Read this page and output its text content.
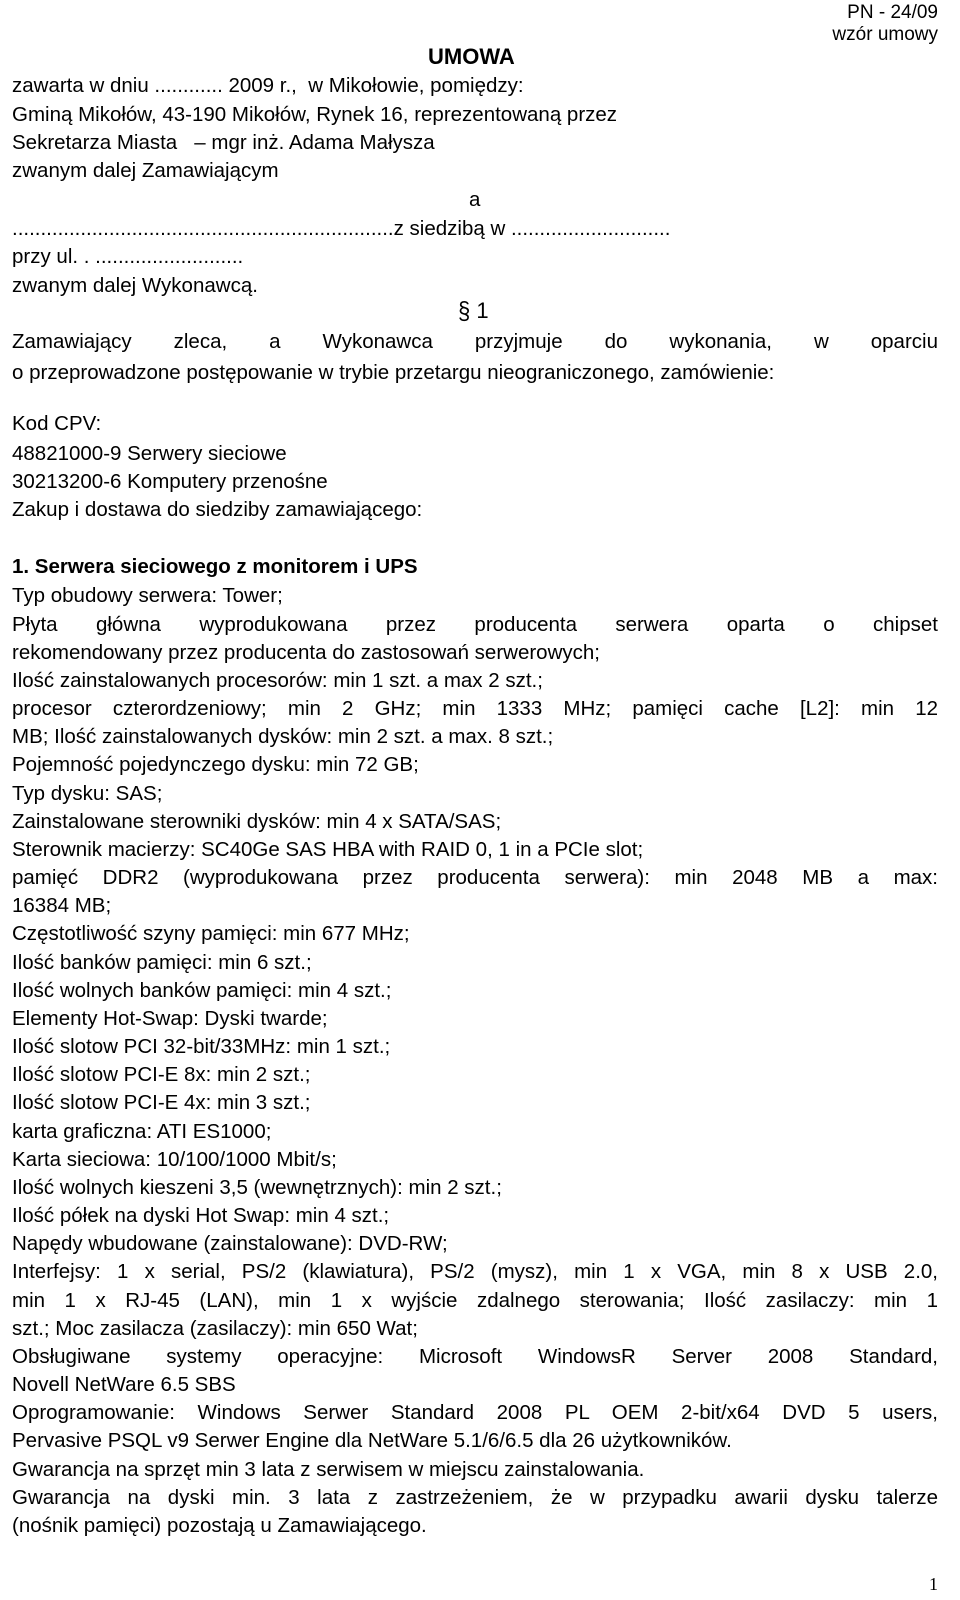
PN - 24/09
wzór umowy
UMOWA
zawarta w dniu ............ 2009 r.,  w Mikołowie, pomiędzy:
Gminą Mikołów, 43-190 Mikołów, Rynek 16, reprezentowaną przez
Sekretarza Miasta   – mgr inż. Adama Małysza
zwanym dalej Zamawiającym
a
...................................................................z siedzibą w ............................
przy ul. . ..........................
zwanym dalej Wykonawcą.
§ 1
Zamawiający zleca, a Wykonawca przyjmuje do wykonania, w oparciu
o przeprowadzone postępowanie w trybie przetargu nieograniczonego, zamówienie:
Kod CPV:
48821000-9 Serwery sieciowe
30213200-6 Komputery przenośne
Zakup i dostawa do siedziby zamawiającego:
1. Serwera sieciowego z monitorem i UPS
Typ obudowy serwera: Tower;
Płyta główna wyprodukowana przez producenta serwera oparta o chipset
rekomendowany przez producenta do zastosowań serwerowych;
Ilość zainstalowanych procesorów: min 1 szt. a max 2 szt.;
procesor czterordzeniowy; min 2 GHz; min 1333 MHz; pamięci cache [L2]: min 12
MB; Ilość zainstalowanych dysków: min 2 szt. a max. 8 szt.;
Pojemność pojedynczego dysku: min 72 GB;
Typ dysku: SAS;
Zainstalowane sterowniki dysków: min 4 x SATA/SAS;
Sterownik macierzy: SC40Ge SAS HBA with RAID 0, 1 in a PCIe slot;
pamięć DDR2 (wyprodukowana przez producenta serwera): min 2048 MB a max:
16384 MB;
Częstotliwość szyny pamięci: min 677 MHz;
Ilość banków pamięci: min 6 szt.;
Ilość wolnych banków pamięci: min 4 szt.;
Elementy Hot-Swap: Dyski twarde;
Ilość slotow PCI 32-bit/33MHz: min 1 szt.;
Ilość slotow PCI-E 8x: min 2 szt.;
Ilość slotow PCI-E 4x: min 3 szt.;
karta graficzna: ATI ES1000;
Karta sieciowa: 10/100/1000 Mbit/s;
Ilość wolnych kieszeni 3,5 (wewnętrznych): min 2 szt.;
Ilość półek na dyski Hot Swap: min 4 szt.;
Napędy wbudowane (zainstalowane): DVD-RW;
Interfejsy: 1 x serial, PS/2 (klawiatura), PS/2 (mysz), min 1 x VGA, min 8 x USB 2.0,
min 1 x RJ-45 (LAN), min 1 x wyjście zdalnego sterowania; Ilość zasilaczy: min 1
szt.; Moc zasilacza (zasilaczy): min 650 Wat;
Obsługiwane systemy operacyjne: Microsoft WindowsR Server 2008 Standard,
Novell NetWare 6.5 SBS
Oprogramowanie: Windows Serwer Standard 2008 PL OEM 2-bit/x64 DVD 5 users,
Pervasive PSQL v9 Serwer Engine dla NetWare 5.1/6/6.5 dla 26 użytkowników.
Gwarancja na sprzęt min 3 lata z serwisem w miejscu zainstalowania.
Gwarancja na dyski min. 3 lata z zastrzeżeniem, że w przypadku awarii dysku talerze
(nośnik pamięci) pozostają u Zamawiającego.
1
